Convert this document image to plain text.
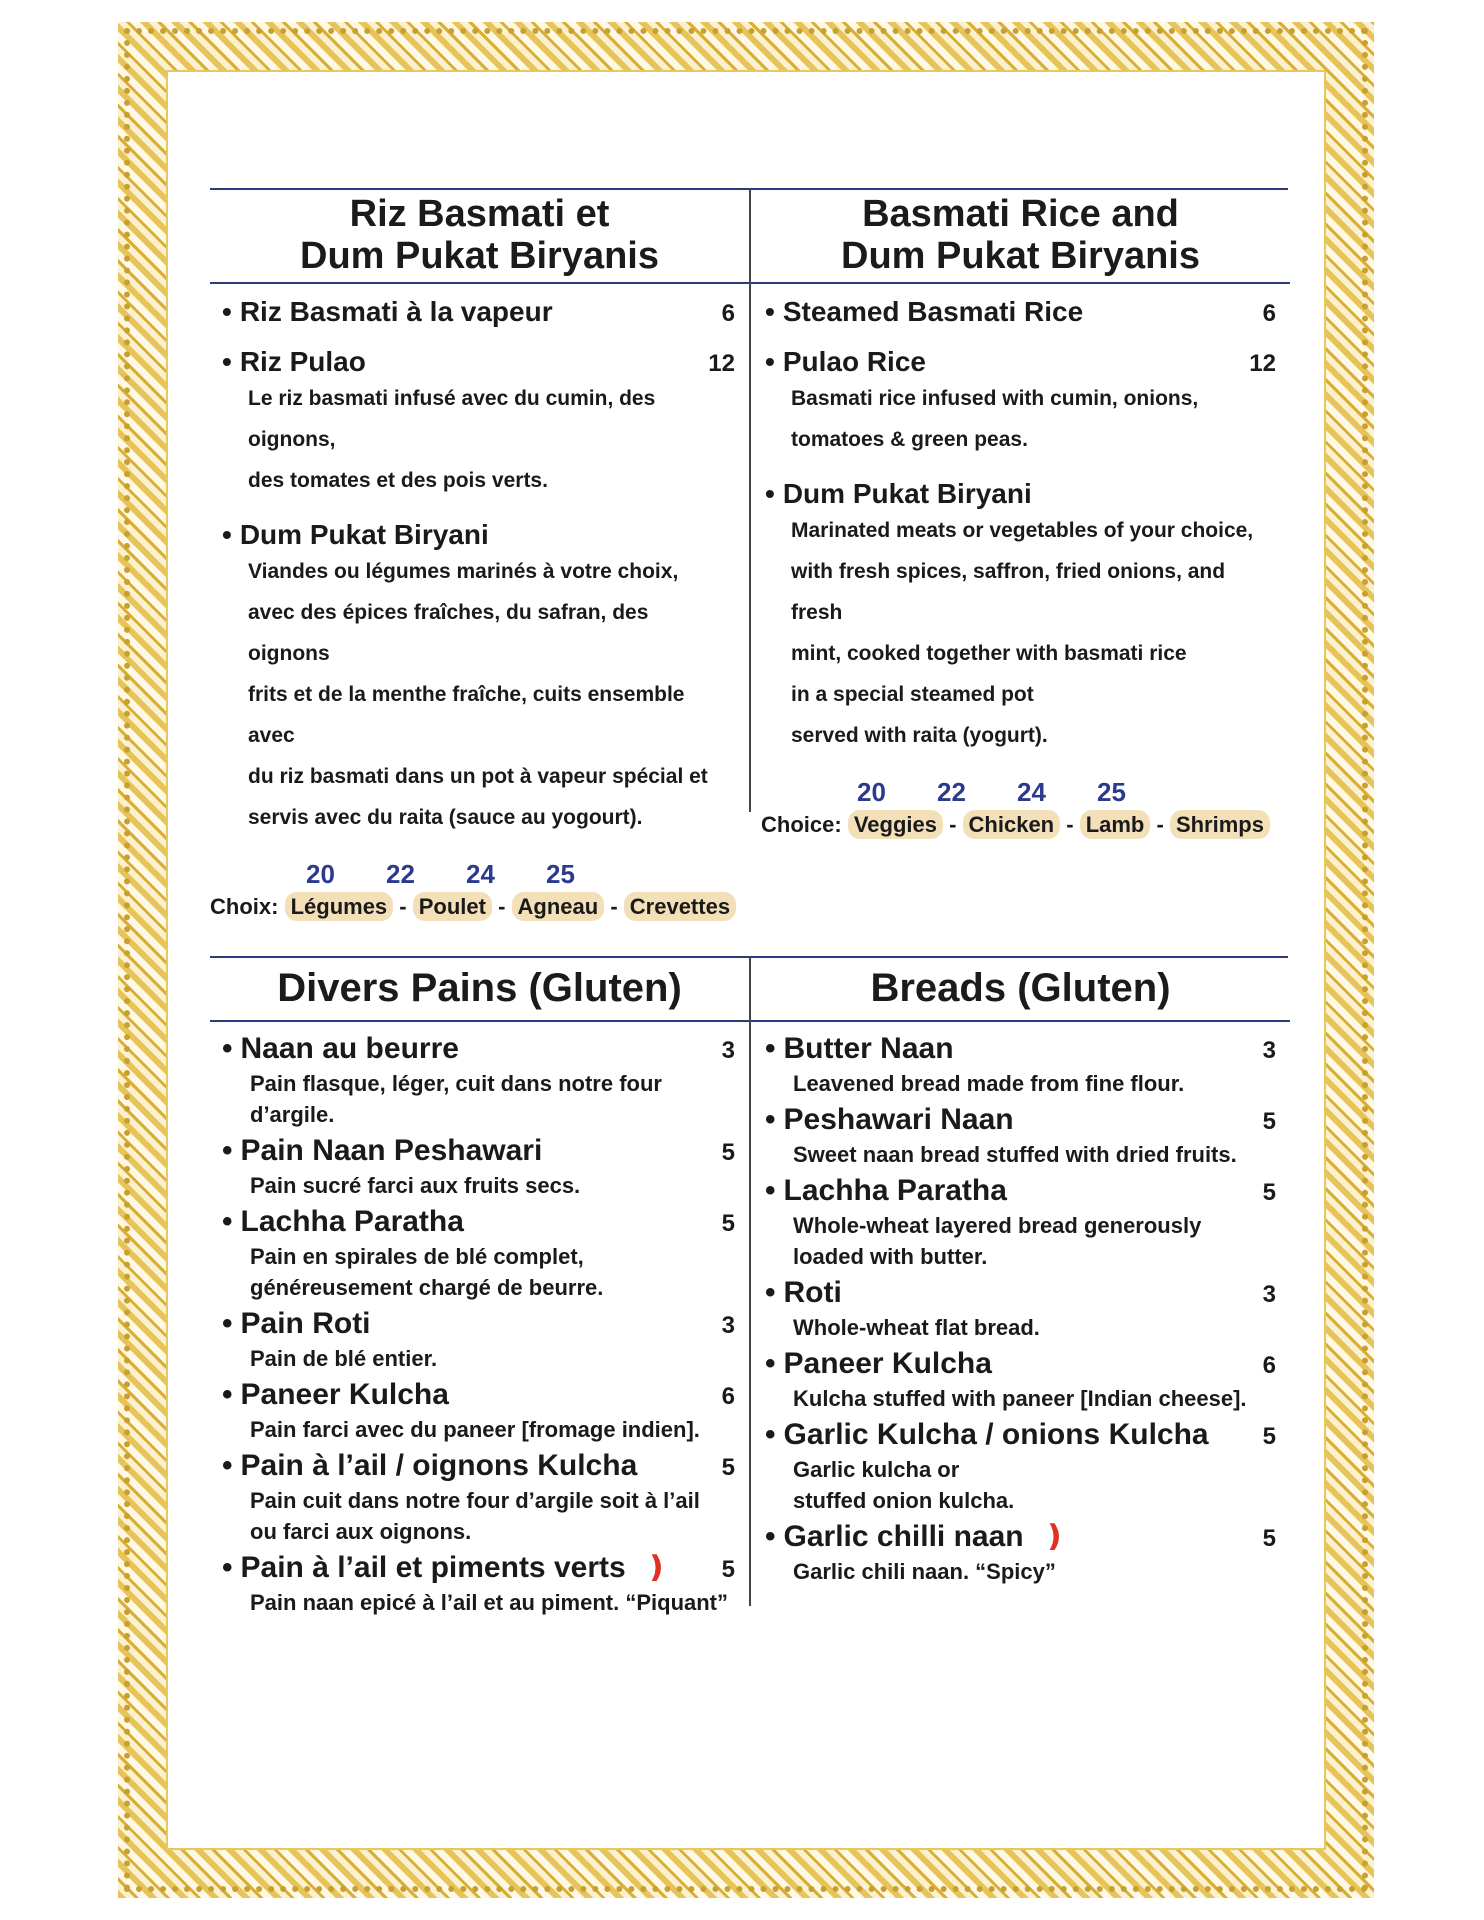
Riz Basmati et
Dum Pukat Biryanis
• Riz Basmati à la vapeur	6
• Riz Pulao	12
Le riz basmati infusé avec du cumin, des oignons,
des tomates et des pois verts.
• Dum Pukat Biryani
Viandes ou légumes marinés à votre choix,
avec des épices fraîches, du safran, des oignons
frits et de la menthe fraîche, cuits ensemble avec
du riz basmati dans un pot à vapeur spécial et
servis avec du raita (sauce au yogourt).
20	22	24	25
Choix: Légumes - Poulet - Agneau - Crevettes
Basmati Rice and
Dum Pukat Biryanis
• Steamed Basmati Rice	6
• Pulao Rice	12
Basmati rice infused with cumin, onions,
tomatoes & green peas.
• Dum Pukat Biryani
Marinated meats or vegetables of your choice,
with fresh spices, saffron, fried onions, and fresh
mint, cooked together with basmati rice
in a special steamed pot
served with raita (yogurt).
20	22	24	25
Choice: Veggies - Chicken - Lamb - Shrimps
Divers Pains (Gluten)
• Naan au beurre	3
Pain flasque, léger, cuit dans notre four d’argile.
• Pain Naan Peshawari	5
Pain sucré farci aux fruits secs.
• Lachha Paratha	5
Pain en spirales de blé complet,
généreusement chargé de beurre.
• Pain Roti	3
Pain de blé entier.
• Paneer Kulcha	6
Pain farci avec du paneer [fromage indien].
• Pain à l’ail / oignons Kulcha	5
Pain cuit dans notre four d’argile soit à l’ail
ou farci aux oignons.
• Pain à l’ail et piments verts ❫ 5
Pain naan epicé à l’ail et au piment. “Piquant”
Breads (Gluten)
• Butter Naan	3
Leavened bread made from fine flour.
• Peshawari Naan	5
Sweet naan bread stuffed with dried fruits.
• Lachha Paratha	5
Whole-wheat layered bread generously
loaded with butter.
• Roti	3
Whole-wheat flat bread.
• Paneer Kulcha	6
Kulcha stuffed with paneer [Indian cheese].
• Garlic Kulcha / onions Kulcha 5
Garlic kulcha or
stuffed onion kulcha.
• Garlic chilli naan ❫	5
Garlic chili naan. “Spicy”
